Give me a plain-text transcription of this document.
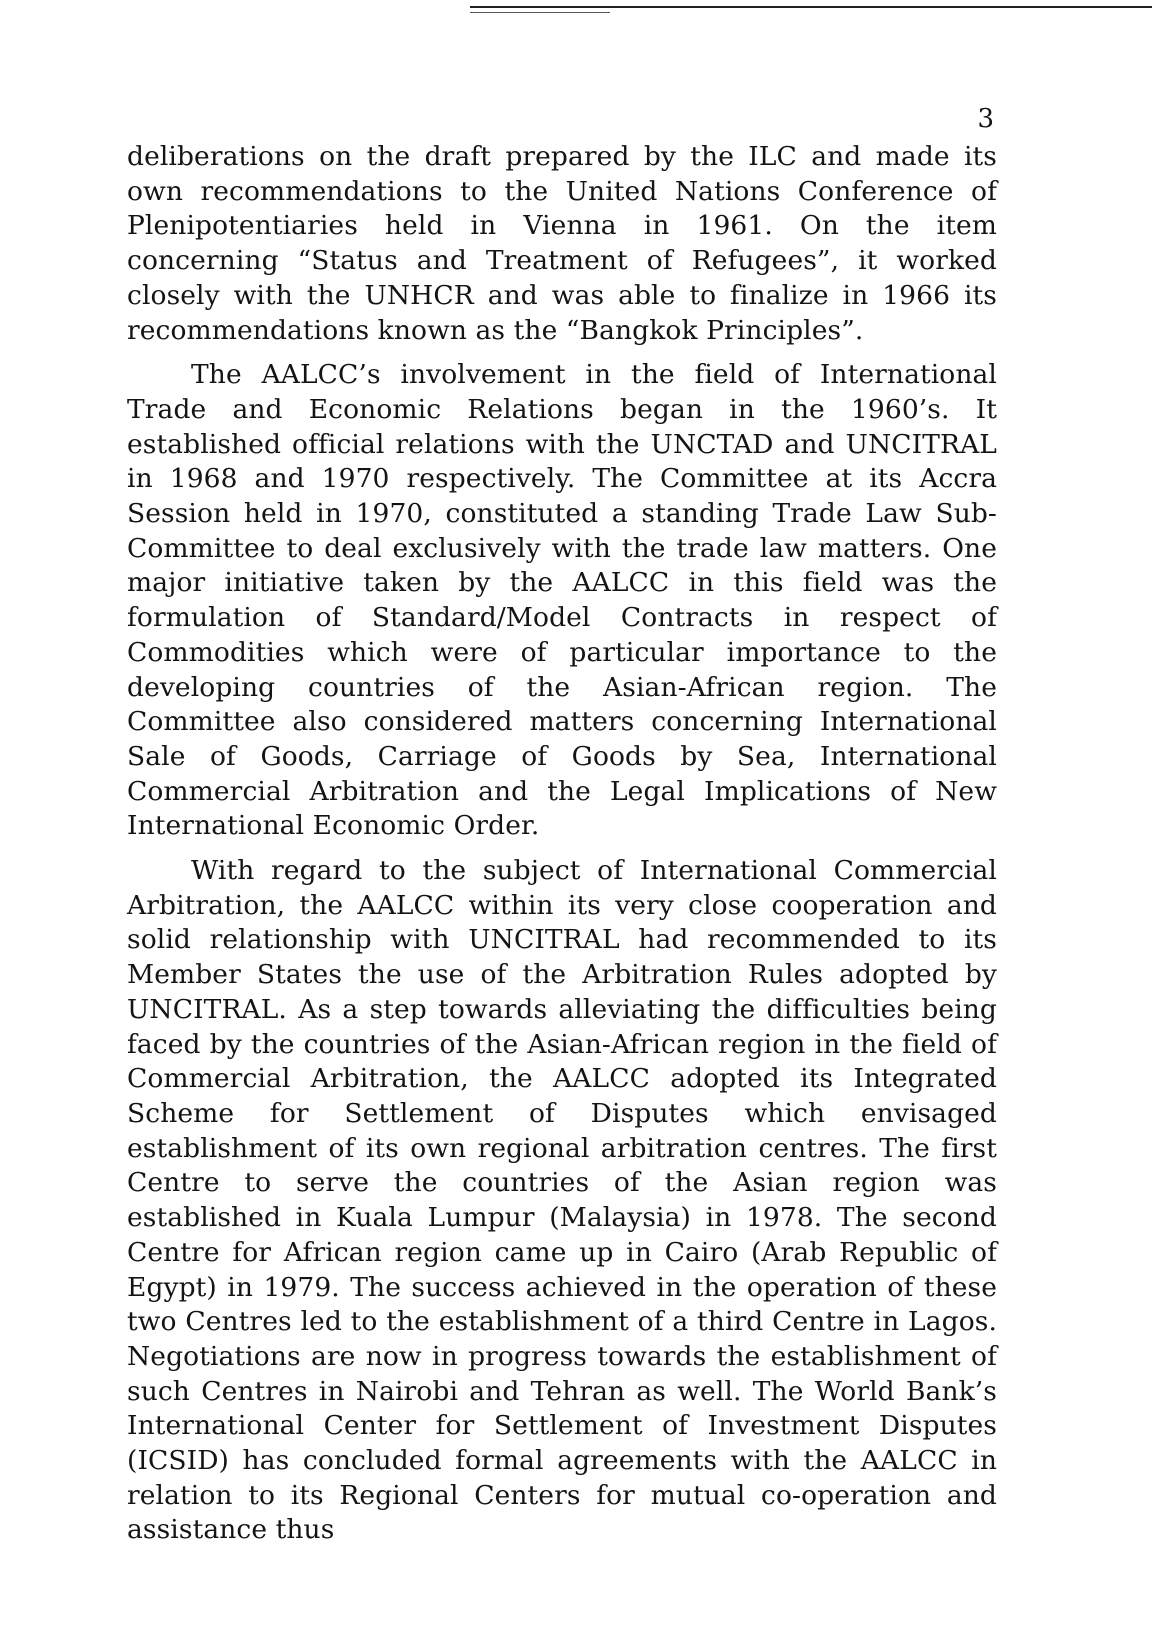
3

deliberations on the draft prepared by the ILC and made its own recommendations to the United Nations Conference of Plenipotentiaries held in Vienna in 1961. On the item concerning “Status and Treatment of Refugees”, it worked closely with the UNHCR and was able to finalize in 1966 its recommendations known as the “Bangkok Principles”.

The AALCC’s involvement in the field of International Trade and Economic Relations began in the 1960’s. It established official relations with the UNCTAD and UNCITRAL in 1968 and 1970 respectively. The Committee at its Accra Session held in 1970, constituted a standing Trade Law Sub-Committee to deal exclusively with the trade law matters. One major initiative taken by the AALCC in this field was the formulation of Standard/Model Contracts in respect of Commodities which were of particular importance to the developing countries of the Asian-African region. The Committee also considered matters concerning International Sale of Goods, Carriage of Goods by Sea, International Commercial Arbitration and the Legal Implications of New International Economic Order.

With regard to the subject of International Commercial Arbitration, the AALCC within its very close cooperation and solid relationship with UNCITRAL had recommended to its Member States the use of the Arbitration Rules adopted by UNCITRAL. As a step towards alleviating the difficulties being faced by the countries of the Asian-African region in the field of Commercial Arbitration, the AALCC adopted its Integrated Scheme for Settlement of Disputes which envisaged establishment of its own regional arbitration centres. The first Centre to serve the countries of the Asian region was established in Kuala Lumpur (Malaysia) in 1978. The second Centre for African region came up in Cairo (Arab Republic of Egypt) in 1979. The success achieved in the operation of these two Centres led to the establishment of a third Centre in Lagos. Negotiations are now in progress towards the establishment of such Centres in Nairobi and Tehran as well. The World Bank’s International Center for Settlement of Investment Disputes (ICSID) has concluded formal agreements with the AALCC in relation to its Regional Centers for mutual co-operation and assistance thus
